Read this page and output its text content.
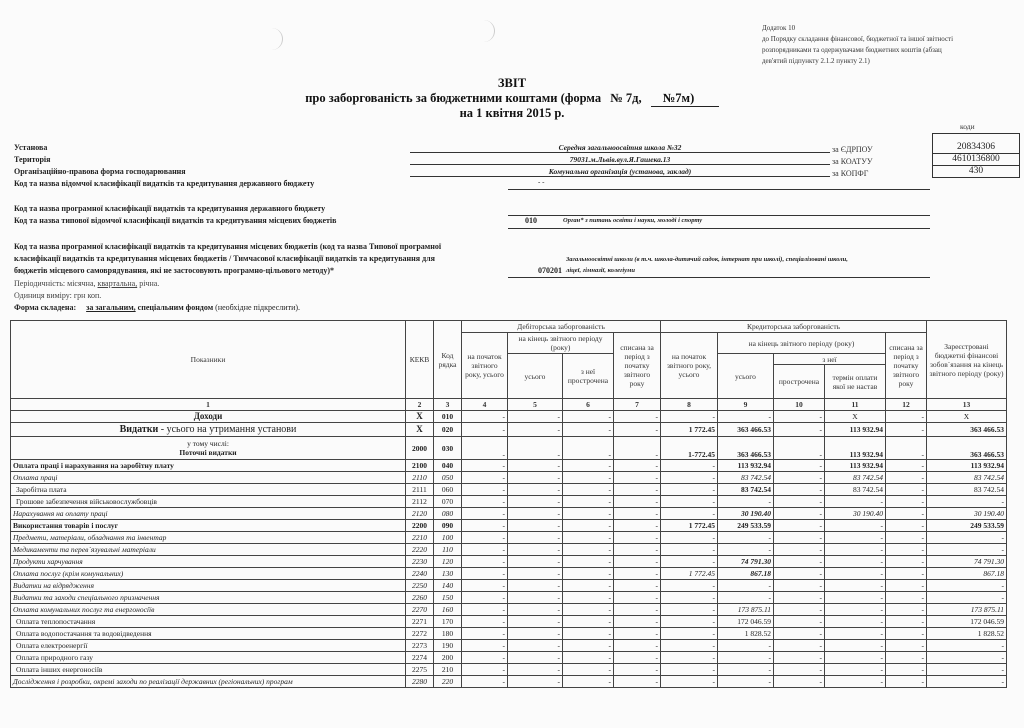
Додаток 10
до Порядку складання фінансової, бюджетної та іншої звітності
розпорядниками та одержувачами бюджетних коштів (абзац
дев'ятий підпункту 2.1.2 пункту 2.1)
ЗВІТ
про заборгованість за бюджетними коштами (форма № 7д, №7м)
на 1 квітня 2015 р.
коди
Установа	Середня загальноосвітня школа №32	за ЄДРПОУ
Територія	79031.м.Львів.вул.Я.Гашека.13	за КОАТУУ
Організаційно-правова форма господарювання	Комунальна організація (установа, заклад)	за КОПФГ
20834306
4610136800
430
Код та назва відомчої класифікації видатків та кредитування державного бюджету	- -
Код та назва програмної класифікації видатків та кредитування державного бюджету
Код та назва типової відомчої класифікації видатків та кредитування місцевих бюджетів	010	Орган* з питань освіти і науки, молоді і спорту
Код та назва програмної класифікації видатків та кредитування місцевих бюджетів (код та назва Типової програмної
класифікації видатків та кредитування місцевих бюджетів / Тимчасової класифікації видатків та кредитування для
бюджетів місцевого самоврядування, які не застосовують програмно-цільового методу)*
Загальноосвітні школи (в т.ч. школа-дитячий садок, інтернат при школі), спеціалізовані школи,
070201 ліцеї, гімназії, колегіуми
Періодичність: місячна, квартальна, річна.
Одиниця виміру: грн коп.
Форма складена: за загальним, спеціальним фондом (необхідне підкреслити).
Показники	КЕКВ	Код рядка	Дебіторська заборгованість				Кредиторська заборгованість					Зареєстровані бюджетні фінансові зобов`язання на кінець звітного періоду (року)
			на початок звітного року, усього	на кінець звітного періоду (року)		списана за період з початку звітного року	на початок звітного року, усього	на кінець звітного періоду (року)			списана за період з початку звітного року	
				усього	з неї прострочена			усього	з неї			
									прострочена	термін оплати якої не настав		
1	2	3	4	5	6	7	8	9	10	11	12	13
Доходи	X	010	-	-	-	-	-	-	-	X	-	X
Видатки - усього на утримання установи	X	020	-	-	-	-	1 772.45	363 466.53	-	113 932.94	-	363 466.53

у тому числі:
Поточні видатки	2000	030	-	-	-	-	1-772.45	363 466.53	-	113 932.94	-	363 466.53
Оплата праці і нарахування на заробітну плату	2100	040	-	-	-	-	-	113 932.94	-	113 932.94	-	113 932.94
Оплата праці	2110	050	-	-	-	-	-	83 742.54	-	83 742.54	-	83 742.54
Заробітна плата	2111	060	-	-	-	-	-	83 742.54	-	83 742.54	-	83 742.54
Грошове забезпечення військовослужбовців	2112	070	-	-	-	-	-	-	-	-	-	-
Нарахування на оплату праці	2120	080	-	-	-	-	-	30 190.40	-	30 190.40	-	30 190.40
Використання товарів і послуг	2200	090	-	-	-	-	1 772.45	249 533.59	-	-	-	249 533.59
Предмети, матеріали, обладнання та інвентар	2210	100	-	-	-	-	-	-	-	-	-	-
Медикаменти та перев`язувальні матеріали	2220	110	-	-	-	-	-	-	-	-	-	-
Продукти харчування	2230	120	-	-	-	-	-	74 791.30	-	-	-	74 791.30
Оплата послуг (крім комунальних)	2240	130	-	-	-	-	1 772.45	867.18	-	-	-	867.18
Видатки на відрядження	2250	140	-	-	-	-	-	-	-	-	-	-
Видатки та заходи спеціального призначення	2260	150	-	-	-	-	-	-	-	-	-	-
Оплата комунальних послуг та енергоносіїв	2270	160	-	-	-	-	-	173 875.11	-	-	-	173 875.11
Оплата теплопостачання	2271	170	-	-	-	-	-	172 046.59	-	-	-	172 046.59
Оплата водопостачання та водовідведення	2272	180	-	-	-	-	-	1 828.52	-	-	-	1 828.52
Оплата електроенергії	2273	190	-	-	-	-	-	-	-	-	-	-
Оплата природного газу	2274	200	-	-	-	-	-	-	-	-	-	-
Оплата інших енергоносіїв	2275	210	-	-	-	-	-	-	-	-	-	-
Дослідження і розробки, окремі заходи по реалізації державних (регіональних) програм	2280	220	-	-	-	-	-	-	-	-	-	-
